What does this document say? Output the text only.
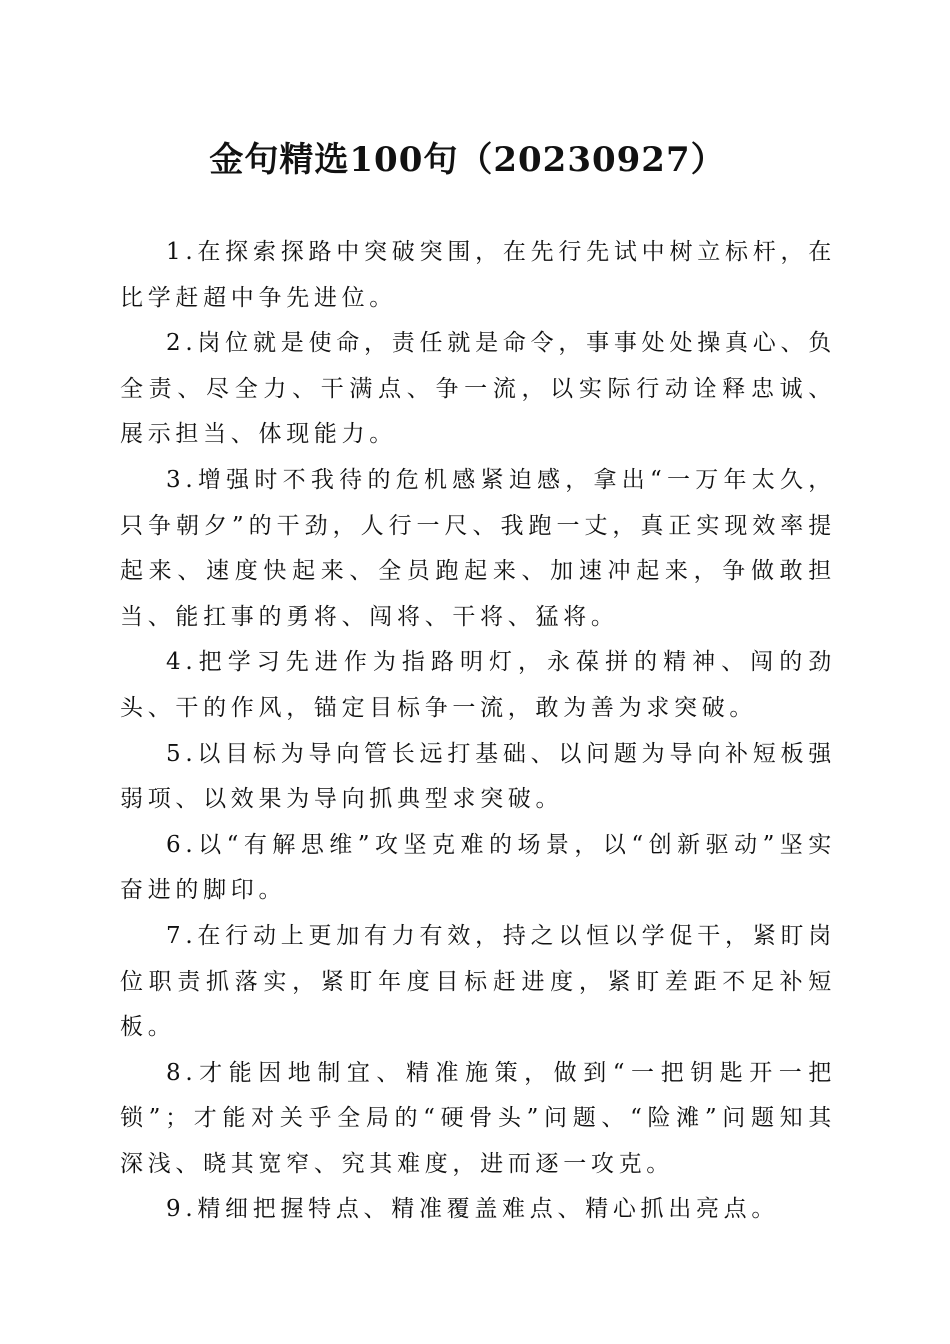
金句精选100句（20230927）

1.在探索探路中突破突围，在先行先试中树立标杆，在比学赶超中争先进位。

2.岗位就是使命，责任就是命令，事事处处操真心、负全责、尽全力、干满点、争一流，以实际行动诠释忠诚、展示担当、体现能力。

3.增强时不我待的危机感紧迫感，拿出“一万年太久，只争朝夕”的干劲，人行一尺、我跑一丈，真正实现效率提起来、速度快起来、全员跑起来、加速冲起来，争做敢担当、能扛事的勇将、闯将、干将、猛将。

4.把学习先进作为指路明灯，永葆拼的精神、闯的劲头、干的作风，锚定目标争一流，敢为善为求突破。

5.以目标为导向管长远打基础、以问题为导向补短板强弱项、以效果为导向抓典型求突破。

6.以“有解思维”攻坚克难的场景，以“创新驱动”坚实奋进的脚印。

7.在行动上更加有力有效，持之以恒以学促干，紧盯岗位职责抓落实，紧盯年度目标赶进度，紧盯差距不足补短板。

8.才能因地制宜、精准施策，做到“一把钥匙开一把锁”；才能对关乎全局的“硬骨头”问题、“险滩”问题知其深浅、晓其宽窄、究其难度，进而逐一攻克。

9.精细把握特点、精准覆盖难点、精心抓出亮点。
